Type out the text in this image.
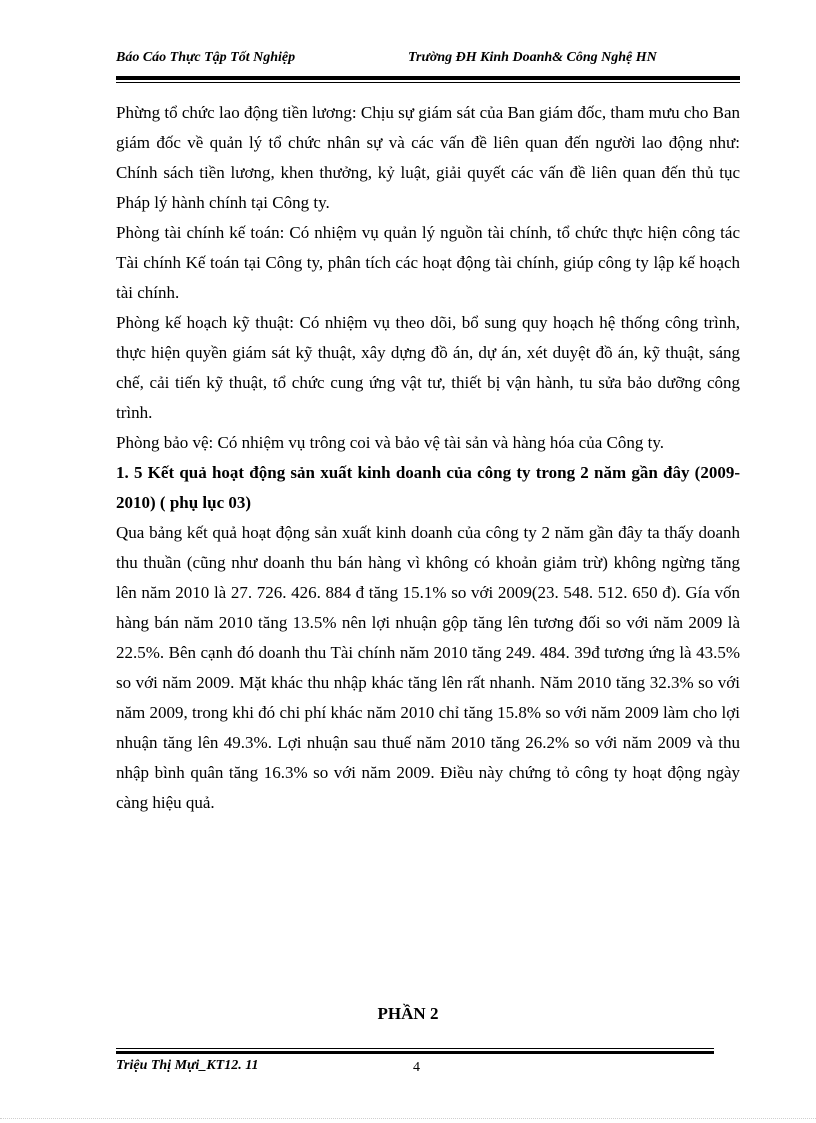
Báo Cáo Thực Tập Tốt Nghiệp	Trường ĐH Kinh Doanh& Công Nghệ HN

Phừng tổ chức lao động tiền lương: Chịu sự giám sát của Ban giám đốc, tham mưu cho Ban giám đốc về quản lý tổ chức nhân sự và các vấn đề liên quan đến người lao động như: Chính sách tiền lương, khen thưởng, kỷ luật, giải quyết các vấn đề liên quan đến thủ tục Pháp lý hành chính tại Công ty.

Phòng tài chính kế toán: Có nhiệm vụ quản lý nguồn tài chính, tổ chức thực hiện công tác Tài chính Kế toán tại Công ty, phân tích các hoạt động tài chính, giúp công ty lập kế hoạch tài chính.

Phòng kế hoạch kỹ thuật: Có nhiệm vụ theo dõi, bổ sung quy hoạch hệ thống công trình, thực hiện quyền giám sát kỹ thuật, xây dựng đồ án, dự án, xét duyệt đồ án, kỹ thuật, sáng chế, cải tiến kỹ thuật, tổ chức cung ứng vật tư, thiết bị vận hành, tu sửa bảo dưỡng công trình.

Phòng bảo vệ: Có nhiệm vụ trông coi và bảo vệ tài sản và hàng hóa của Công ty.

1. 5 Kết quả hoạt động sản xuất kinh doanh của công ty trong 2 năm gần đây (2009-2010) ( phụ lục 03)

Qua bảng kết quả hoạt động sản xuất kinh doanh của công ty 2 năm gần đây ta thấy doanh thu thuần (cũng như doanh thu bán hàng vì không có khoản giảm trừ) không ngừng tăng lên năm 2010 là 27. 726. 426. 884 đ tăng 15.1% so với 2009(23. 548. 512. 650 đ). Gía vốn hàng bán năm 2010 tăng 13.5% nên lợi nhuận gộp tăng lên tương đối so với năm 2009 là 22.5%. Bên cạnh đó doanh thu Tài chính năm 2010 tăng 249. 484. 39đ tương ứng là 43.5% so với năm 2009. Mặt khác thu nhập khác tăng lên rất nhanh. Năm 2010 tăng 32.3% so với năm 2009, trong khi đó chi phí khác năm 2010 chỉ tăng 15.8% so với năm 2009 làm cho lợi nhuận tăng lên 49.3%. Lợi nhuận sau thuế năm 2010 tăng 26.2% so với năm 2009 và thu nhập bình quân tăng 16.3% so với năm 2009. Điều này chứng tỏ công ty hoạt động ngày càng hiệu quả.

PHẦN 2
Triệu Thị Mựi_KT12. 11	4
